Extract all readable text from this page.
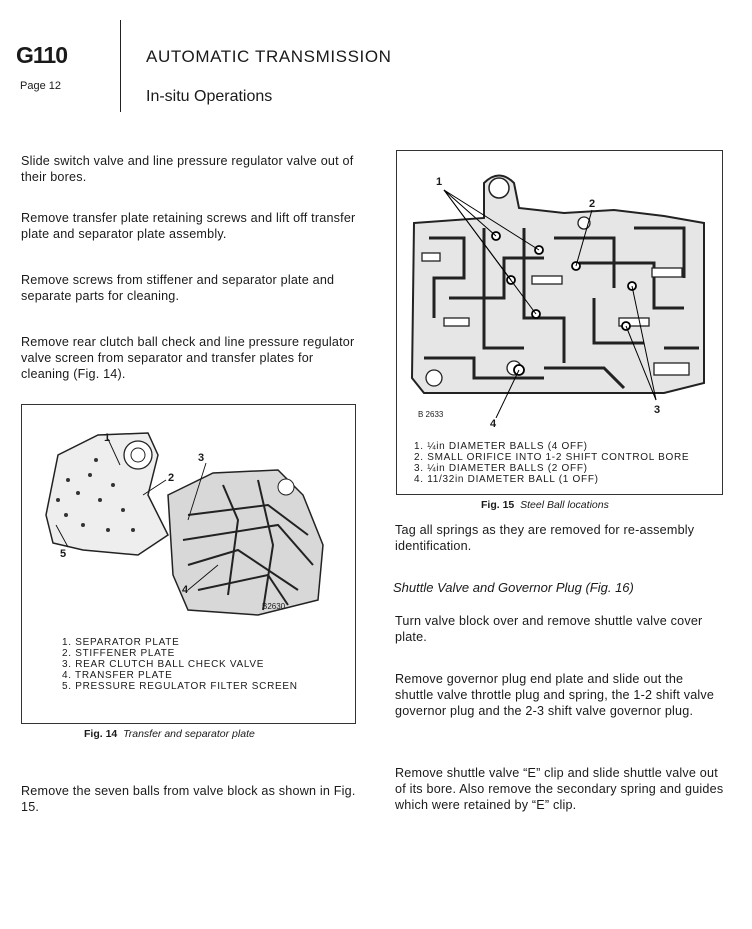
G110
Page 12
AUTOMATIC TRANSMISSION
In-situ Operations
Slide switch valve and line pressure regulator valve out of their bores.
Remove transfer plate retaining screws and lift off transfer plate and separator plate assembly.
Remove screws from stiffener and separator plate and separate parts for cleaning.
Remove rear clutch ball check and line pressure regulator valve screen from separator and transfer plates for cleaning (Fig. 14).
1
2
3
4
5
B2630
1. SEPARATOR PLATE
2. STIFFENER PLATE
3. REAR CLUTCH BALL CHECK VALVE
4. TRANSFER PLATE
5. PRESSURE REGULATOR FILTER SCREEN
Fig. 14 Transfer and separator plate
Remove the seven balls from valve block as shown in Fig. 15.
1
2
3
4
B 2633
1. ¼in DIAMETER BALLS (4 OFF)
2. SMALL ORIFICE INTO 1-2 SHIFT CONTROL BORE
3. ¼in DIAMETER BALLS (2 OFF)
4. 11/32in DIAMETER BALL (1 OFF)
Fig. 15 Steel Ball locations
Tag all springs as they are removed for re-assembly identification.
Shuttle Valve and Governor Plug (Fig. 16)
Turn valve block over and remove shuttle valve cover plate.
Remove governor plug end plate and slide out the shuttle valve throttle plug and spring, the 1-2 shift valve governor plug and the 2-3 shift valve governor plug.
Remove shuttle valve “E” clip and slide shuttle valve out of its bore. Also remove the secondary spring and guides which were retained by “E” clip.
